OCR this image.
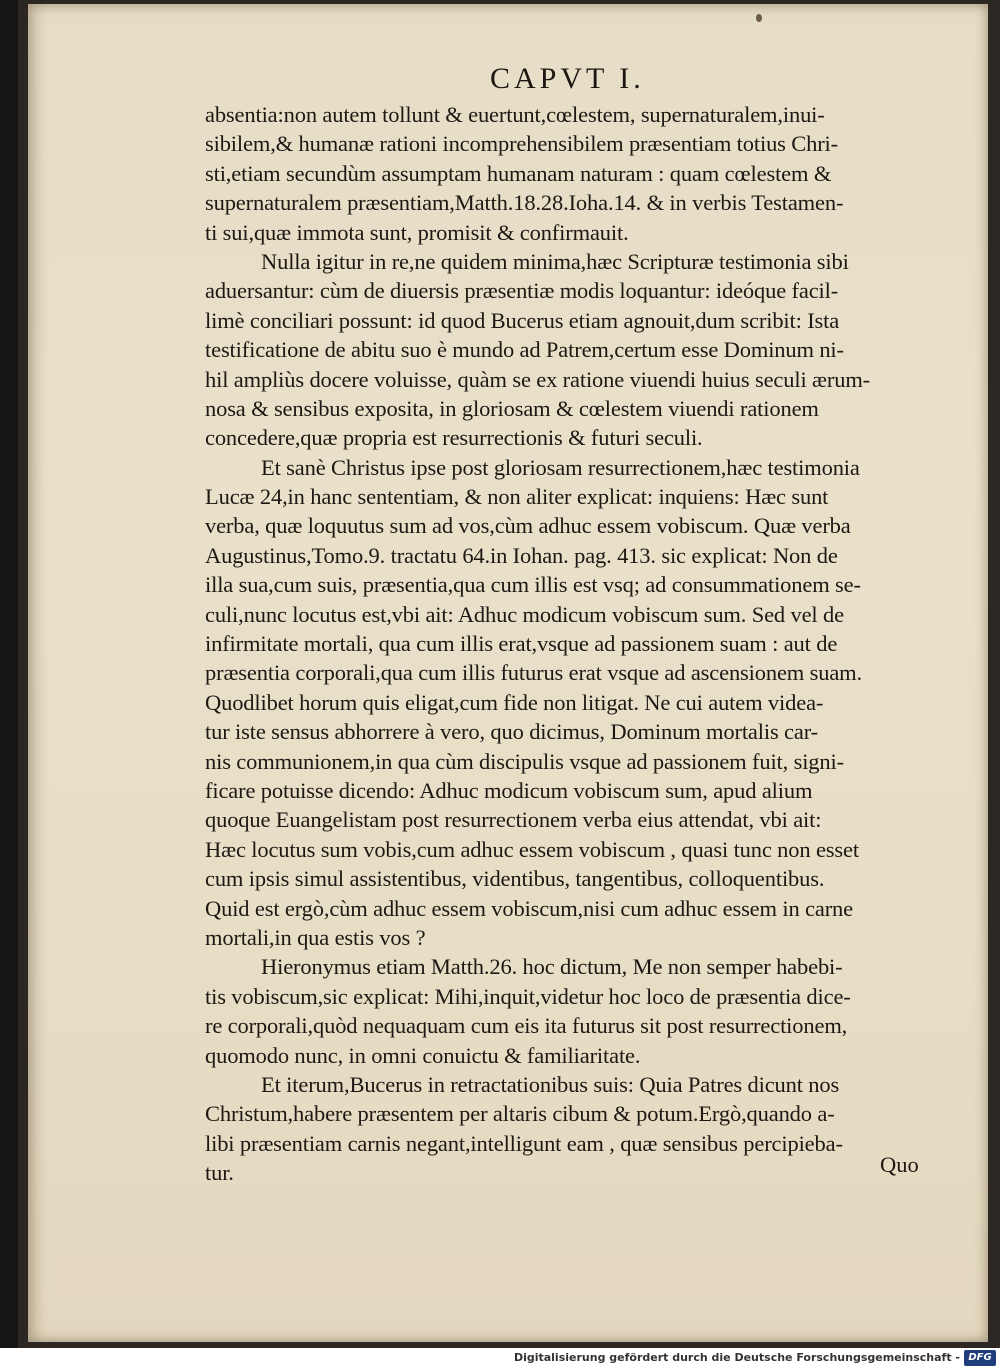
CAPVT I.
absentia:non autem tollunt & euertunt,cœlestem, supernaturalem,inui-
sibilem,& humanæ rationi incomprehensibilem præsentiam totius Chri-
sti,etiam secundùm assumptam humanam naturam : quam cœlestem &
supernaturalem præsentiam,Matth.18.28.Ioha.14. & in verbis Testamen-
ti sui,quæ immota sunt, promisit & confirmauit.
Nulla igitur in re,ne quidem minima,hæc Scripturæ testimonia sibi
aduersantur: cùm de diuersis præsentiæ modis loquantur: ideóque facil-
limè conciliari possunt: id quod Bucerus etiam agnouit,dum scribit: Ista
testificatione de abitu suo è mundo ad Patrem,certum esse Dominum ni-
hil ampliùs docere voluisse, quàm se ex ratione viuendi huius seculi ærum-
nosa & sensibus exposita, in gloriosam & cœlestem viuendi rationem
concedere,quæ propria est resurrectionis & futuri seculi.
Et sanè Christus ipse post gloriosam resurrectionem,hæc testimonia
Lucæ 24,in hanc sententiam, & non aliter explicat: inquiens: Hæc sunt
verba, quæ loquutus sum ad vos,cùm adhuc essem vobiscum. Quæ verba
Augustinus,Tomo.9. tractatu 64.in Iohan. pag. 413. sic explicat: Non de
illa sua,cum suis, præsentia,qua cum illis est vsq; ad consummationem se-
culi,nunc locutus est,vbi ait: Adhuc modicum vobiscum sum. Sed vel de
infirmitate mortali, qua cum illis erat,vsque ad passionem suam : aut de
præsentia corporali,qua cum illis futurus erat vsque ad ascensionem suam.
Quodlibet horum quis eligat,cum fide non litigat. Ne cui autem videa-
tur iste sensus abhorrere à vero, quo dicimus, Dominum mortalis car-
nis communionem,in qua cùm discipulis vsque ad passionem fuit, signi-
ficare potuisse dicendo: Adhuc modicum vobiscum sum, apud alium
quoque Euangelistam post resurrectionem verba eius attendat, vbi ait:
Hæc locutus sum vobis,cum adhuc essem vobiscum , quasi tunc non esset
cum ipsis simul assistentibus, videntibus, tangentibus, colloquentibus.
Quid est ergò,cùm adhuc essem vobiscum,nisi cum adhuc essem in carne
mortali,in qua estis vos ?
Hieronymus etiam Matth.26. hoc dictum, Me non semper habebi-
tis vobiscum,sic explicat: Mihi,inquit,videtur hoc loco de præsentia dice-
re corporali,quòd nequaquam cum eis ita futurus sit post resurrectionem,
quomodo nunc, in omni conuictu & familiaritate.
Et iterum,Bucerus in retractationibus suis: Quia Patres dicunt nos
Christum,habere præsentem per altaris cibum & potum.Ergò,quando a-
libi præsentiam carnis negant,intelligunt eam , quæ sensibus percipieba-
tur.	Quo
Digitalisierung gefördert durch die Deutsche Forschungsgemeinschaft - DFG
